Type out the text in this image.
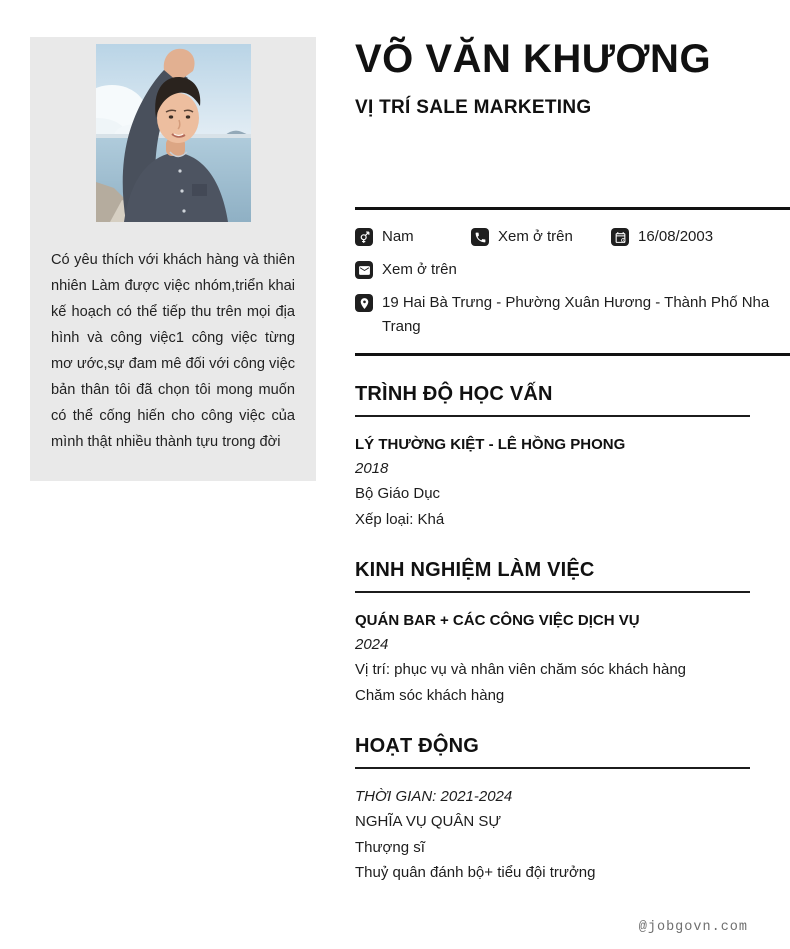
Có yêu thích với khách hàng và thiên nhiên Làm được việc nhóm,triển khai kế hoạch có thể tiếp thu trên mọi địa hình và công việc1 công việc từng mơ ước,sự đam mê đối với công việc bản thân tôi đã chọn tôi mong muốn có thể cống hiến cho công việc của mình thật nhiều thành tựu trong đời

VÕ VĂN KHƯƠNG
VỊ TRÍ SALE MARKETING
Nam	Xem ở trên	16/08/2003
Xem ở trên
19 Hai Bà Trưng - Phường Xuân Hương - Thành Phố Nha Trang
TRÌNH ĐỘ HỌC VẤN
LÝ THƯỜNG KIỆT - LÊ HỒNG PHONG
2018
Bộ Giáo Dục
Xếp loại: Khá
KINH NGHIỆM LÀM VIỆC
QUÁN BAR + CÁC CÔNG VIỆC DỊCH VỤ
2024
Vị trí: phục vụ và nhân viên chăm sóc khách hàng
Chăm sóc khách hàng
HOẠT ĐỘNG
THỜI GIAN: 2021-2024
NGHĨA VỤ QUÂN SỰ
Thượng sĩ
Thuỷ quân đánh bộ+ tiểu đội trưởng
@jobgovn.com
